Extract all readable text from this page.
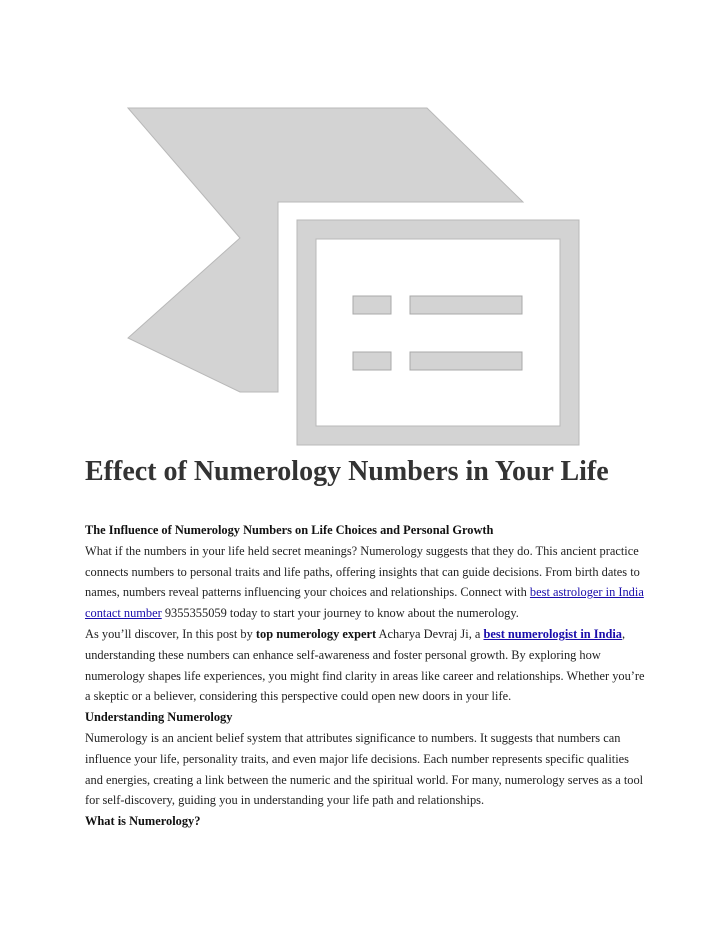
Effect of Numerology Numbers in Your Life
The Influence of Numerology Numbers on Life Choices and Personal Growth

What if the numbers in your life held secret meanings? Numerology suggests that they do. This ancient practice connects numbers to personal traits and life paths, offering insights that can guide decisions. From birth dates to names, numbers reveal patterns influencing your choices and relationships. Connect with best astrologer in India contact number 9355355059 today to start your journey to know about the numerology.

As you’ll discover, In this post by top numerology expert Acharya Devraj Ji, a best numerologist in India, understanding these numbers can enhance self-awareness and foster personal growth. By exploring how numerology shapes life experiences, you might find clarity in areas like career and relationships. Whether you’re a skeptic or a believer, considering this perspective could open new doors in your life.

Understanding Numerology

Numerology is an ancient belief system that attributes significance to numbers. It suggests that numbers can influence your life, personality traits, and even major life decisions. Each number represents specific qualities and energies, creating a link between the numeric and the spiritual world. For many, numerology serves as a tool for self-discovery, guiding you in understanding your life path and relationships.

What is Numerology?
